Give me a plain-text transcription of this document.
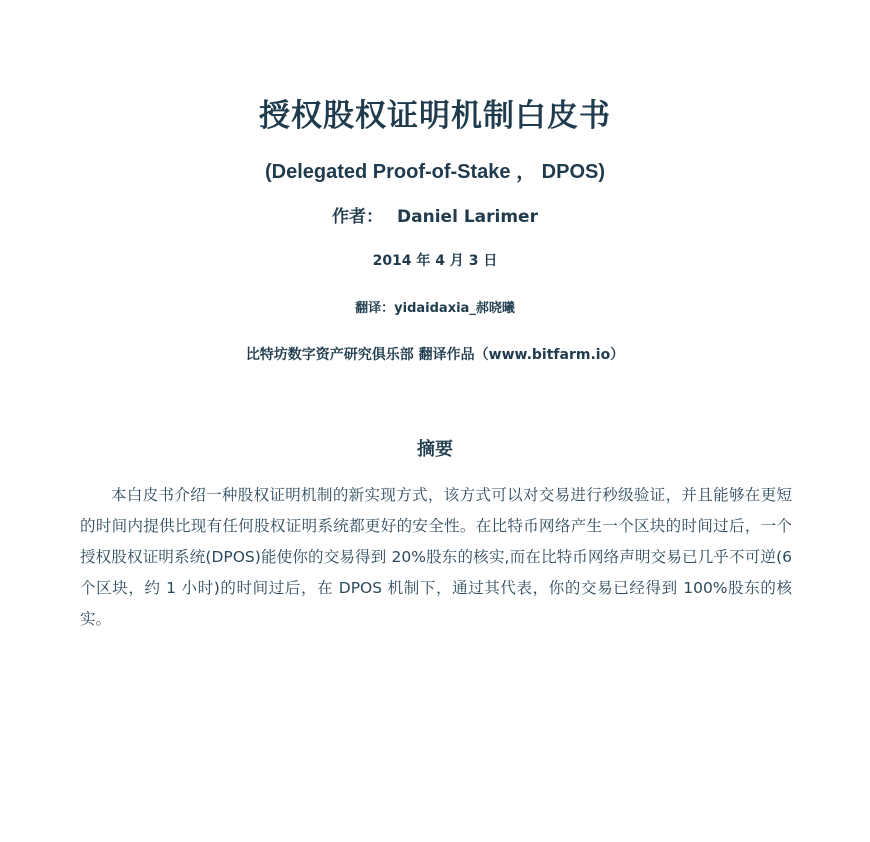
授权股权证明机制白皮书
(Delegated Proof-of-Stake ， DPOS)
作者： Daniel Larimer
2014 年 4 月 3 日
翻译：yidaidaxia_郝晓曦
比特坊数字资产研究俱乐部 翻译作品（www.bitfarm.io）
摘要
本白皮书介绍一种股权证明机制的新实现方式，该方式可以对交易进行秒级验证，并且能够在更短的时间内提供比现有任何股权证明系统都更好的安全性。在比特币网络产生一个区块的时间过后，一个授权股权证明系统(DPOS)能使你的交易得到 20%股东的核实,而在比特币网络声明交易已几乎不可逆(6 个区块，约 1 小时)的时间过后，在 DPOS 机制下，通过其代表，你的交易已经得到 100%股东的核实。
